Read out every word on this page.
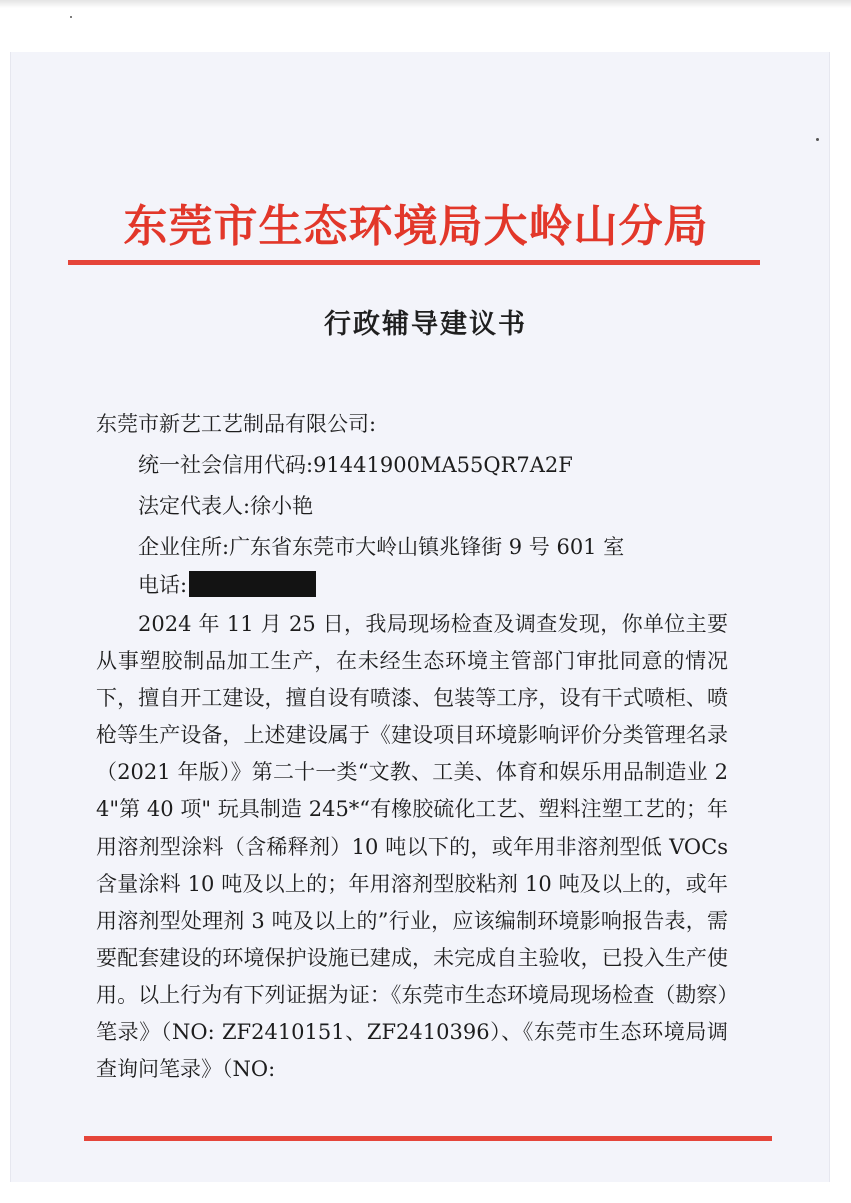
东莞市生态环境局大岭山分局
行政辅导建议书
东莞市新艺工艺制品有限公司:
统一社会信用代码:91441900MA55QR7A2F
法定代表人:徐小艳
企业住所:广东省东莞市大岭山镇兆锋街 9 号 601 室
电话:
2024 年 11 月 25 日，我局现场检查及调查发现，你单位主要从事塑胶制品加工生产，在未经生态环境主管部门审批同意的情况下，擅自开工建设，擅自设有喷漆、包装等工序，设有干式喷柜、喷枪等生产设备，上述建设属于《建设项目环境影响评价分类管理名录（2021 年版）》第二十一类“文教、工美、体育和娱乐用品制造业 24"第 40 项" 玩具制造 245*“有橡胶硫化工艺、塑料注塑工艺的；年用溶剂型涂料（含稀释剂）10 吨以下的，或年用非溶剂型低 VOCs 含量涂料 10 吨及以上的；年用溶剂型胶粘剂 10 吨及以上的，或年用溶剂型处理剂 3 吨及以上的”行业，应该编制环境影响报告表，需要配套建设的环境保护设施已建成，未完成自主验收，已投入生产使用。以上行为有下列证据为证：《东莞市生态环境局现场检查（勘察）笔录》（NO: ZF2410151、ZF2410396）、《东莞市生态环境局调查询问笔录》（NO:
